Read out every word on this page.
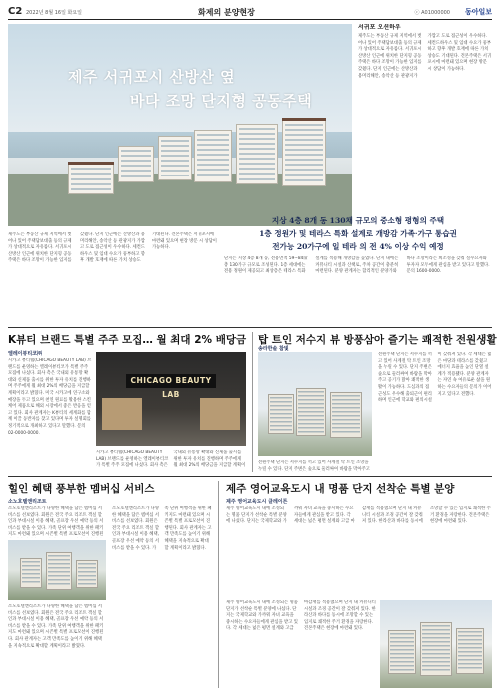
C2 2022년 8월 16일 화요일	화제의 분양현장	ⓒ A01000000 동아일보
제주 서귀포시 산방산 옆
바다 조망 단지형 공동주택
서귀포 오션하우
제주도는 부동산 규제 지역에서 벗어나 있어 주택담보대출 등의 규제가 상대적으로 자유롭다. 서귀포시 산방산 인근에 위치한 단지형 공동주택은 바다 조망이 가능한 입지를 갖췄다. 단지 인근에는 산방산과 용머리해안, 송악산 등 관광지가 가깝고 도로 접근성이 우수하다. 세컨드하우스 및 임대 수요가 풍부하고 향후 개발 호재에 따른 가치 상승도 기대된다. 견본주택은 서귀포시에 마련돼 있으며 현장 방문 시 상담이 가능하다.
지상 4층 8개 동 130채 규모의 중소형 평형의 주택
1층 정원가 및 테라스 특화 설계로 개방감 가족·가구 통습권
전가능 20가구에 일 테라 의 전 4% 이상 수익 예정
단지는 지상 4층 8개 동, 전용면적 59∼84㎡ 총 130가구 규모로 조성된다. 1층 세대에는 전용 정원이 제공되고 최상층은 테라스 특화 설계를 적용해 개방감을 높였다. 단지 내에는 커뮤니티 시설과 산책로, 주차 공간이 충분히 마련된다. 분양 관계자는 합리적인 분양가와 바다 조망이라는 희소성을 갖춰 실수요자와 투자자 모두에게 관심을 받고 있다고 말했다. 문의 1600-0000.
제주도는 부동산 규제 지역에서 벗어나 있어 주택담보대출 등의 규제가 상대적으로 자유롭다. 서귀포시 산방산 인근에 위치한 단지형 공동주택은 바다 조망이 가능한 입지를 갖췄다. 단지 인근에는 산방산과 용머리해안, 송악산 등 관광지가 가깝고 도로 접근성이 우수하다. 세컨드하우스 및 임대 수요가 풍부하고 향후 개발 호재에 따른 가치 상승도 기대된다. 견본주택은 서귀포시에 마련돼 있으며 현장 방문 시 상담이 가능하다.
K뷰티 브랜드 특별 주주 모집… 월 최대 2% 배당금
엘레이뷰티코㈜
시카고 뷰티랩(CHICAGO BEAUTY LAB) 브랜드를 운영하는 엘레이뷰티코가 특별 주주 모집에 나섰다. 회사 측은 국내외 유통망 확대와 신제품 출시를 위한 투자 유치를 진행하며 주주에게 월 최대 2%의 배당금을 지급할 계획이라고 밝혔다. 미국 시카고에 연구소와 매장을 두고 있으며 천연 원료를 활용한 스킨케어 제품으로 해외 시장에서 좋은 반응을 얻고 있다. 회사 관계자는 K뷰티의 세계화를 함께 이끌 동반자를 찾고 있다며 투자 설명회를 정기적으로 개최하고 있다고 말했다. 문의 02-0000-0000.
CHICAGO BEAUTY LAB
시카고 뷰티랩(CHICAGO BEAUTY LAB) 브랜드를 운영하는 엘레이뷰티코가 특별 주주 모집에 나섰다. 회사 측은 국내외 유통망 확대와 신제품 출시를 위한 투자 유치를 진행하며 주주에게 월 최대 2%의 배당금을 지급할 계획이
탑 트인 저수지 뷰 방풍삼아 즐기는 쾌적한 전원생활
송라한솔 참빛
전원주택 단지는 저수지를 끼고 있어 사계절 탁 트인 조망을 누릴 수 있다. 단지 주변은 숲으로 둘러싸여 바람을 막아주고 공기가 맑아 쾌적한 생활이 가능하다. 도심과의 접근성도 우수해 출퇴근이 편리하며 인근에 학교와 편의시설이 갖춰져 있다. 각 세대는 넓은 마당과 테라스를 갖췄고 에너지 효율을 높인 단열 설계가 적용됐다. 분양 관계자는 자연 속 여유로운 삶을 원하는 수요자들의 문의가 이어지고 있다고 전했다.
전원주택 단지는 저수지를 끼고 있어 사계절 탁 트인 조망을 누릴 수 있다. 단지 주변은 숲으로 둘러싸여 바람을 막아주고
힐인 혜택 풍부한 멤버십 서비스
소노호텔앤리조트
소노호텔앤리조트가 다양한 혜택을 담은 멤버십 서비스를 선보였다. 회원은 전국 주요 리조트 객실 할인과 부대시설 이용 혜택, 골프장 우선 예약 등의 서비스를 받을 수 있다. 가족 단위 여행객을 위한 패키지도 마련돼 있으며 시즌별 특별 프로모션이 진행된
소노호텔앤리조트가 다양한 혜택을 담은 멤버십 서비스를 선보였다. 회원은 전국 주요 리조트 객실 할인과 부대시설 이용 혜택, 골프장 우선 예약 등의 서비스를 받을 수 있다. 가족 단위 여행객을 위한 패키지도 마련돼 있으며 시즌별 특별 프로모션이 진행된다. 회사 관계자는 고객 만족도를 높이기 위해 혜택을 지속적으로 확대할 계획이라고 밝혔다.
소노호텔앤리조트가 다양한 혜택을 담은 멤버십 서비스를 선보였다. 회원은 전국 주요 리조트 객실 할인과 부대시설 이용 혜택, 골프장 우선 예약 등의 서비스를 받을 수 있다. 가족 단위 여행객을 위한 패키지도 마련돼 있으며 시즌별 특별 프로모션이 진행된다. 회사 관계자는 고객 만족도를 높이기 위해 혜택을 지속적으로 확대할 계획이라고 밝혔다.
제주 영어교육도시 내 명품 단지 선착순 특별 분양
제주 영어교육도시 클레이튼
제주 영어교육도시 내에 조성되는 명품 단지가 선착순 특별 분양에 나섰다. 단지는 국제학교와 가까워 자녀 교육을 중시하는 수요자들에게 관심을 받고 있다. 각 세대는 넓은 평면 설계와 고급 마감재를 적용했으며 단지 내 커뮤니티 시설과 조경 공간이 잘 갖춰져 있다. 한라산과 바다를 동시에 조망할 수 있는 입지로 쾌적한 주거 환경을 자랑한다. 견본주택은 현장에 마련돼 있다.
제주 영어교육도시 내에 조성되는 명품 단지가 선착순 특별 분양에 나섰다. 단지는 국제학교와 가까워 자녀 교육을 중시하는 수요자들에게 관심을 받고 있다. 각 세대는 넓은 평면 설계와 고급 마감재를 적용했으며 단지 내 커뮤니티 시설과 조경 공간이 잘 갖춰져 있다. 한라산과 바다를 동시에 조망할 수 있는 입지로 쾌적한 주거 환경을 자랑한다. 견본주택은 현장에 마련돼 있다.
